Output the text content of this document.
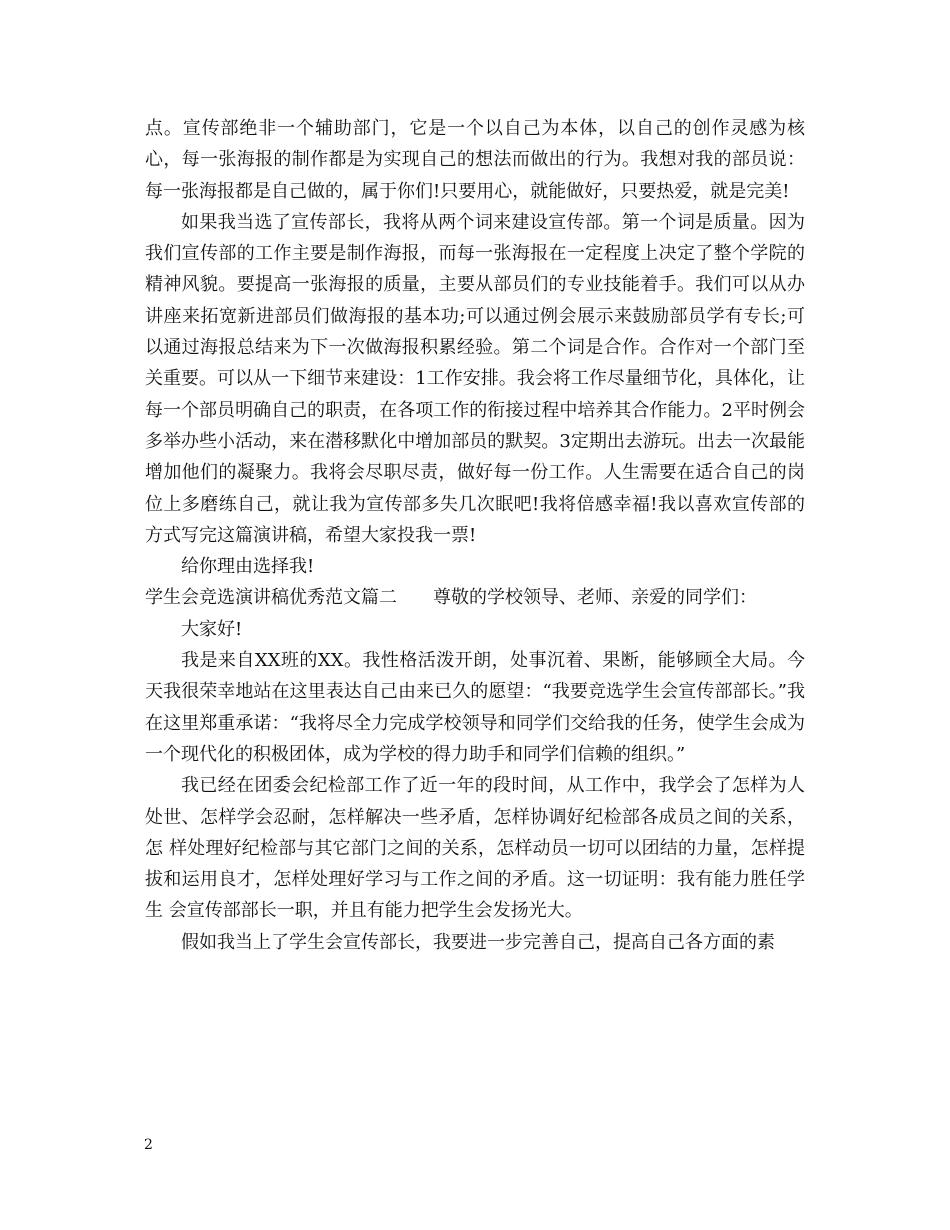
点。宣传部绝非一个辅助部门，它是一个以自己为本体，以自己的创作灵感为核心，每一张海报的制作都是为实现自己的想法而做出的行为。我想对我的部员说：每一张海报都是自己做的，属于你们!只要用心，就能做好，只要热爱，就是完美!

如果我当选了宣传部长，我将从两个词来建设宣传部。第一个词是质量。因为我们宣传部的工作主要是制作海报，而每一张海报在一定程度上决定了整个学院的精神风貌。要提高一张海报的质量，主要从部员们的专业技能着手。我们可以从办讲座来拓宽新进部员们做海报的基本功;可以通过例会展示来鼓励部员学有专长;可以通过海报总结来为下一次做海报积累经验。第二个词是合作。合作对一个部门至关重要。可以从一下细节来建设：1工作安排。我会将工作尽量细节化，具体化，让每一个部员明确自己的职责，在各项工作的衔接过程中培养其合作能力。2平时例会多举办些小活动，来在潜移默化中增加部员的默契。3定期出去游玩。出去一次最能增加他们的凝聚力。我将会尽职尽责，做好每一份工作。人生需要在适合自己的岗位上多磨练自己，就让我为宣传部多失几次眠吧!我将倍感幸福!我以喜欢宣传部的方式写完这篇演讲稿，希望大家投我一票!

给你理由选择我!

学生会竞选演讲稿优秀范文篇二 尊敬的学校领导、老师、亲爱的同学们：

大家好!

我是来自XX班的XX。我性格活泼开朗，处事沉着、果断，能够顾全大局。今天我很荣幸地站在这里表达自己由来已久的愿望：“我要竞选学生会宣传部部长。”我在这里郑重承诺：“我将尽全力完成学校领导和同学们交给我的任务，使学生会成为一个现代化的积极团体，成为学校的得力助手和同学们信赖的组织。”

我已经在团委会纪检部工作了近一年的段时间，从工作中，我学会了怎样为人处世、怎样学会忍耐，怎样解决一些矛盾，怎样协调好纪检部各成员之间的关系，怎 样处理好纪检部与其它部门之间的关系，怎样动员一切可以团结的力量，怎样提拔和运用良才，怎样处理好学习与工作之间的矛盾。这一切证明：我有能力胜任学生 会宣传部部长一职，并且有能力把学生会发扬光大。

假如我当上了学生会宣传部长，我要进一步完善自己，提高自己各方面的素

2
